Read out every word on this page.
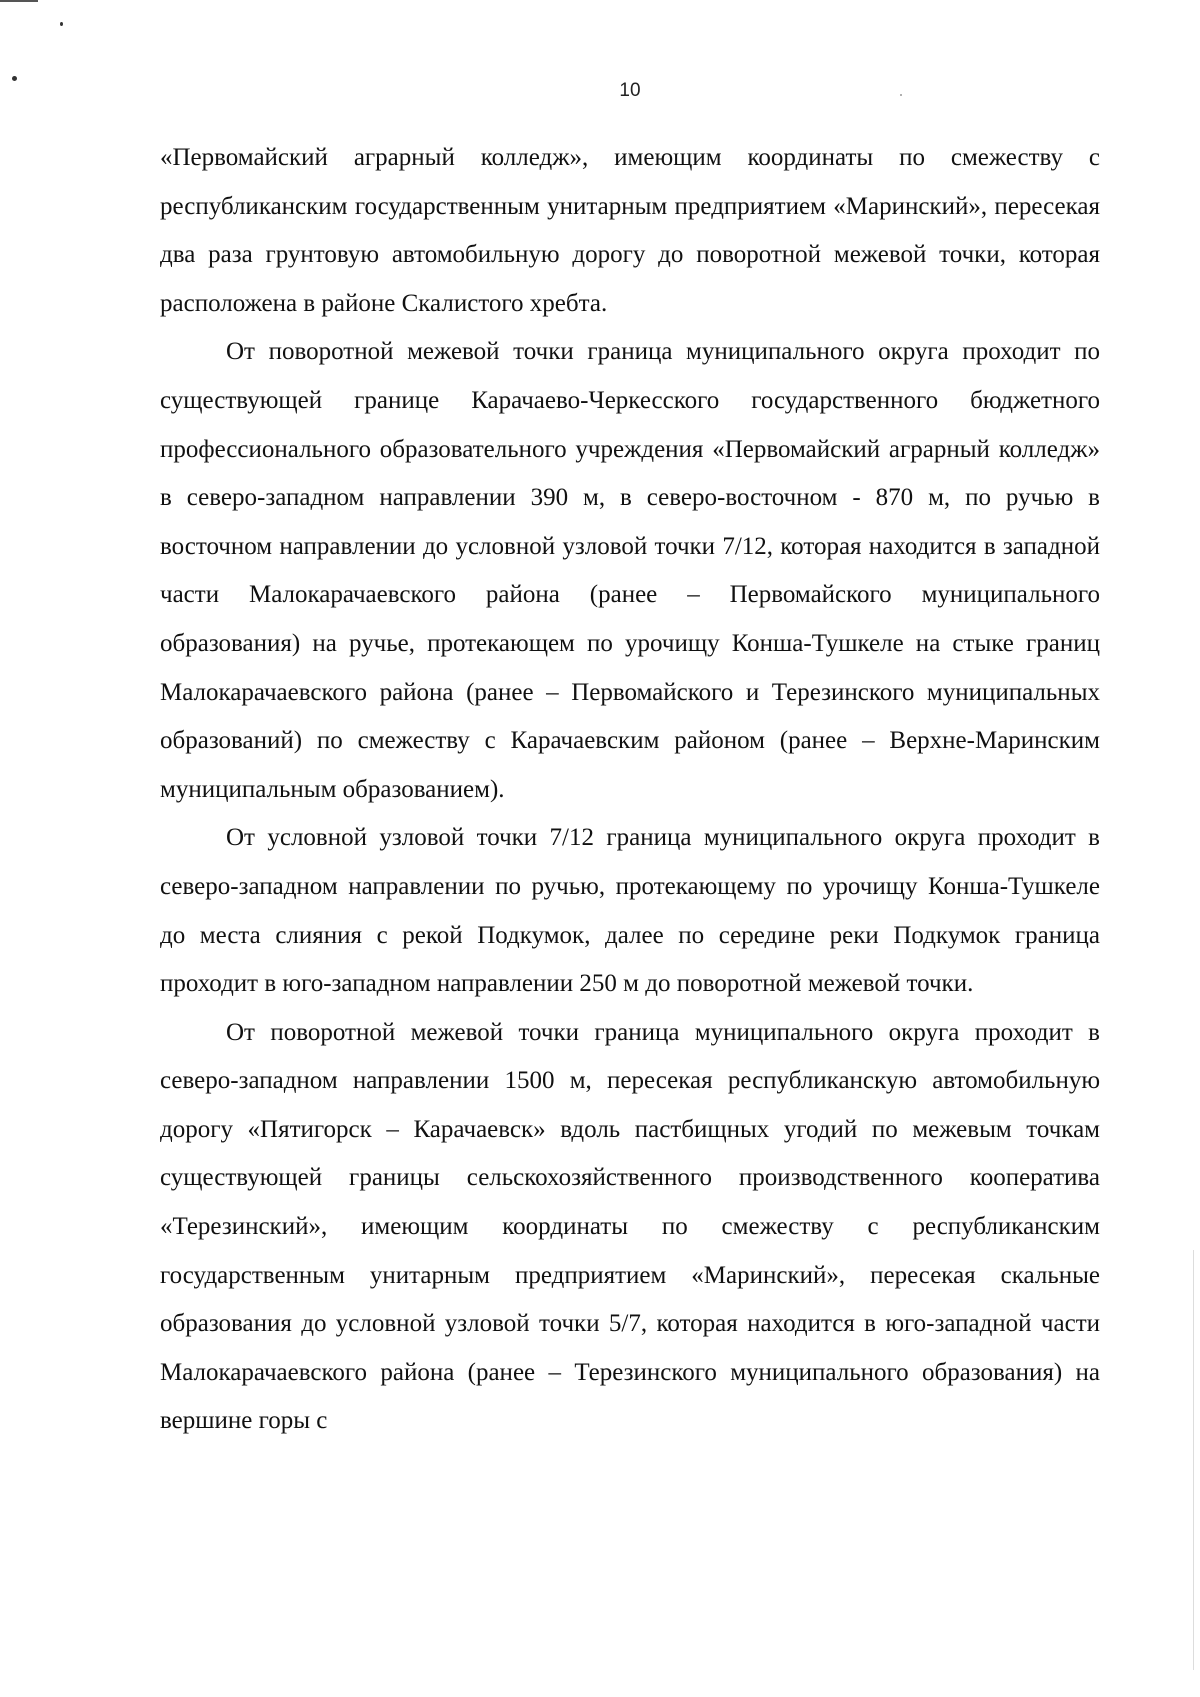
10

«Первомайский аграрный колледж», имеющим координаты по смежеству с республиканским государственным унитарным предприятием «Маринский», пересекая два раза грунтовую автомобильную дорогу до поворотной межевой точки, которая расположена в районе Скалистого хребта.

От поворотной межевой точки граница муниципального округа проходит по существующей границе Карачаево-Черкесского государственного бюджетного профессионального образовательного учреждения «Первомайский аграрный колледж» в северо-западном направлении 390 м, в северо-восточном - 870 м, по ручью в восточном направлении до условной узловой точки 7/12, которая находится в западной части Малокарачаевского района (ранее – Первомайского муниципального образования) на ручье, протекающем по урочищу Конша-Тушкеле на стыке границ Малокарачаевского района (ранее – Первомайского и Терезинского муниципальных образований) по смежеству с Карачаевским районом (ранее – Верхне-Маринским муниципальным образованием).

От условной узловой точки 7/12 граница муниципального округа проходит в северо-западном направлении по ручью, протекающему по урочищу Конша-Тушкеле до места слияния с рекой Подкумок, далее по середине реки Подкумок граница проходит в юго-западном направлении 250 м до поворотной межевой точки.

От поворотной межевой точки граница муниципального округа проходит в северо-западном направлении 1500 м, пересекая республиканскую автомобильную дорогу «Пятигорск – Карачаевск» вдоль пастбищных угодий по межевым точкам существующей границы сельскохозяйственного производственного кооператива «Терезинский», имеющим координаты по смежеству с республиканским государственным унитарным предприятием «Маринский», пересекая скальные образования до условной узловой точки 5/7, которая находится в юго-западной части Малокарачаевского района (ранее – Терезинского муниципального образования) на вершине горы с
